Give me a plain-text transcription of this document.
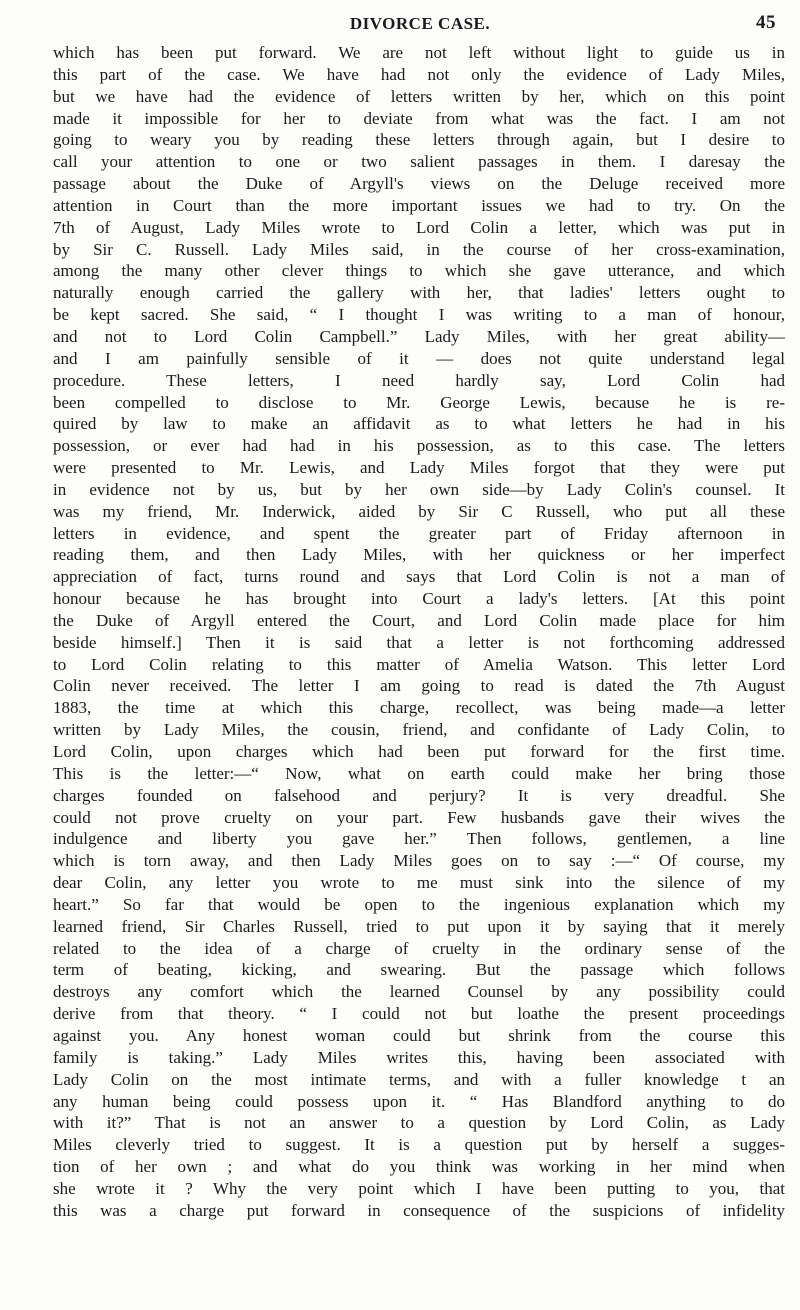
DIVORCE CASE.	45
which has been put forward. We are not left without light to guide us in
this part of the case. We have had not only the evidence of Lady Miles,
but we have had the evidence of letters written by her, which on this point
made it impossible for her to deviate from what was the fact. I am not
going to weary you by reading these letters through again, but I desire to
call your attention to one or two salient passages in them. I daresay the
passage about the Duke of Argyll's views on the Deluge received more
attention in Court than the more important issues we had to try. On the
7th of August, Lady Miles wrote to Lord Colin a letter, which was put in
by Sir C. Russell. Lady Miles said, in the course of her cross-examination,
among the many other clever things to which she gave utterance, and which
naturally enough carried the gallery with her, that ladies' letters ought to
be kept sacred. She said, “ I thought I was writing to a man of honour,
and not to Lord Colin Campbell.” Lady Miles, with her great ability—
and I am painfully sensible of it — does not quite understand legal
procedure. These letters, I need hardly say, Lord Colin had
been compelled to disclose to Mr. George Lewis, because he is re-
quired by law to make an affidavit as to what letters he had in his
possession, or ever had had in his possession, as to this case. The letters
were presented to Mr. Lewis, and Lady Miles forgot that they were put
in evidence not by us, but by her own side—by Lady Colin's counsel. It
was my friend, Mr. Inderwick, aided by Sir C Russell, who put all these
letters in evidence, and spent the greater part of Friday afternoon in
reading them, and then Lady Miles, with her quickness or her imperfect
appreciation of fact, turns round and says that Lord Colin is not a man of
honour because he has brought into Court a lady's letters. [At this point
the Duke of Argyll entered the Court, and Lord Colin made place for him
beside himself.] Then it is said that a letter is not forthcoming addressed
to Lord Colin relating to this matter of Amelia Watson. This letter Lord
Colin never received. The letter I am going to read is dated the 7th August
1883, the time at which this charge, recollect, was being made—a letter
written by Lady Miles, the cousin, friend, and confidante of Lady Colin, to
Lord Colin, upon charges which had been put forward for the first time.
This is the letter:—“ Now, what on earth could make her bring those
charges founded on falsehood and perjury? It is very dreadful. She
could not prove cruelty on your part. Few husbands gave their wives the
indulgence and liberty you gave her.” Then follows, gentlemen, a line
which is torn away, and then Lady Miles goes on to say :—“ Of course, my
dear Colin, any letter you wrote to me must sink into the silence of my
heart.” So far that would be open to the ingenious explanation which my
learned friend, Sir Charles Russell, tried to put upon it by saying that it merely
related to the idea of a charge of cruelty in the ordinary sense of the
term of beating, kicking, and swearing. But the passage which follows
destroys any comfort which the learned Counsel by any possibility could
derive from that theory. “ I could not but loathe the present proceedings
against you. Any honest woman could but shrink from the course this
family is taking.” Lady Miles writes this, having been associated with
Lady Colin on the most intimate terms, and with a fuller knowledge t an
any human being could possess upon it. “ Has Blandford anything to do
with it?” That is not an answer to a question by Lord Colin, as Lady
Miles cleverly tried to suggest. It is a question put by herself a sugges-
tion of her own ; and what do you think was working in her mind when
she wrote it ? Why the very point which I have been putting to you, that
this was a charge put forward in consequence of the suspicions of infidelity
